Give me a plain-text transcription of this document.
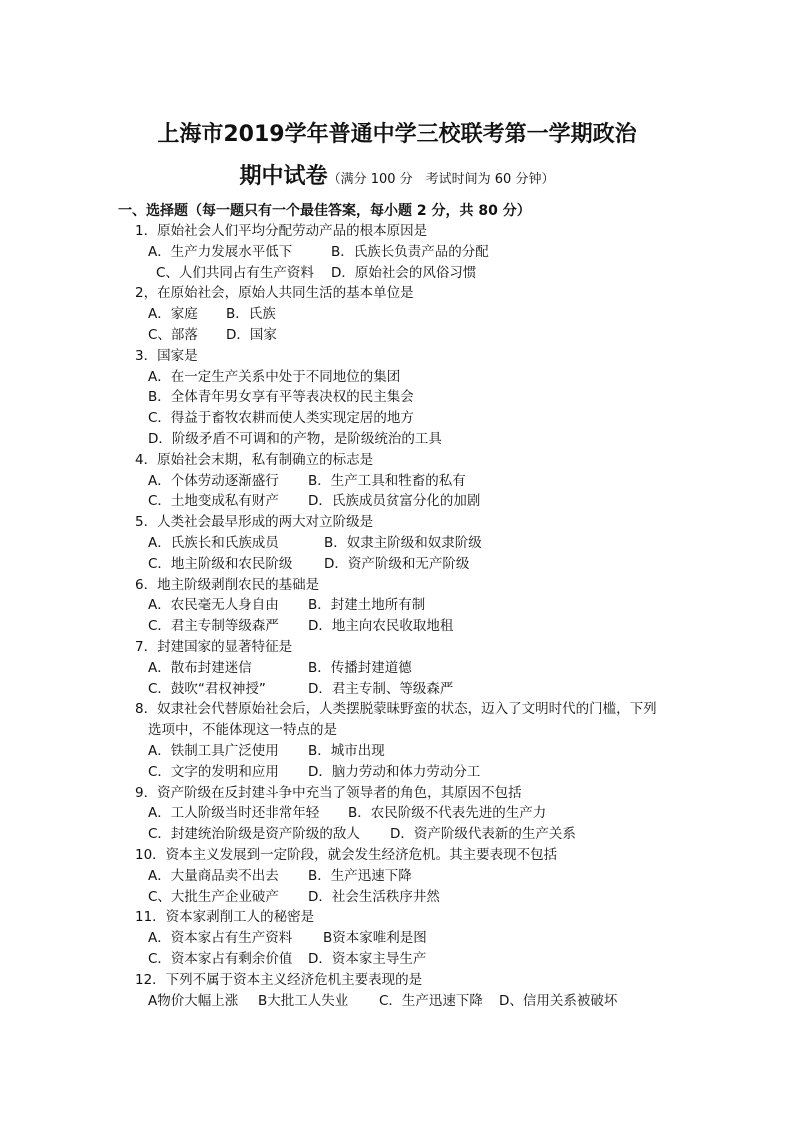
上海市2019学年普通中学三校联考第一学期政治
期中试卷（满分 100 分　考试时间为 60 分钟）
一、选择题（每一题只有一个最佳答案，每小题 2 分，共 80 分）
1．原始社会人们平均分配劳动产品的根本原因是
A．生产力发展水平低下	B．氏族长负责产品的分配
C、人们共同占有生产资料 D．原始社会的风俗习惯
2，在原始社会，原始人共同生活的基本单位是
A．家庭 B．氏族
C、部落 D．国家
3．国家是
A．在一定生产关系中处于不同地位的集团
B．全体青年男女享有平等表决权的民主集会
C．得益于畜牧农耕而使人类实现定居的地方
D．阶级矛盾不可调和的产物，是阶级统治的工具
4．原始社会末期，私有制确立的标志是
A．个体劳动逐渐盛行 B．生产工具和牲畜的私有
C．土地变成私有财产 D．氏族成员贫富分化的加剧
5．人类社会最早形成的两大对立阶级是
A．氏族长和氏族成员	B．奴隶主阶级和奴隶阶级
C．地主阶级和农民阶级 D．资产阶级和无产阶级
6．地主阶级剥削农民的基础是
A．农民毫无人身自由 B．封建土地所有制
C．君主专制等级森严 D．地主向农民收取地租
7．封建国家的显著特征是
A．散布封建迷信	B．传播封建道德
C．鼓吹“君权神授”	D．君主专制、等级森严
8．奴隶社会代替原始社会后，人类摆脱蒙昧野蛮的状态，迈入了文明时代的门槛，下列
选项中，不能体现这一特点的是
A．铁制工具广泛使用 B．城市出现
C．文字的发明和应用 D．脑力劳动和体力劳动分工
9．资产阶级在反封建斗争中充当了领导者的角色，其原因不包括
A．工人阶级当时还非常年轻 B．农民阶级不代表先进的生产力
C．封建统治阶级是资产阶级的敌人 D．资产阶级代表新的生产关系
10．资本主义发展到一定阶段，就会发生经济危机。其主要表现不包括
A．大量商品卖不出去 B．生产迅速下降
C、大批生产企业破产 D．社会生活秩序井然
11．资本家剥削工人的秘密是
A．资本家占有生产资料 B资本家唯利是图
C．资本家占有剩余价值 D．资本家主导生产
12．下列不属于资本主义经济危机主要表现的是
A物价大幅上涨 B大批工人失业 C．生产迅速下降 D、信用关系被破坏
